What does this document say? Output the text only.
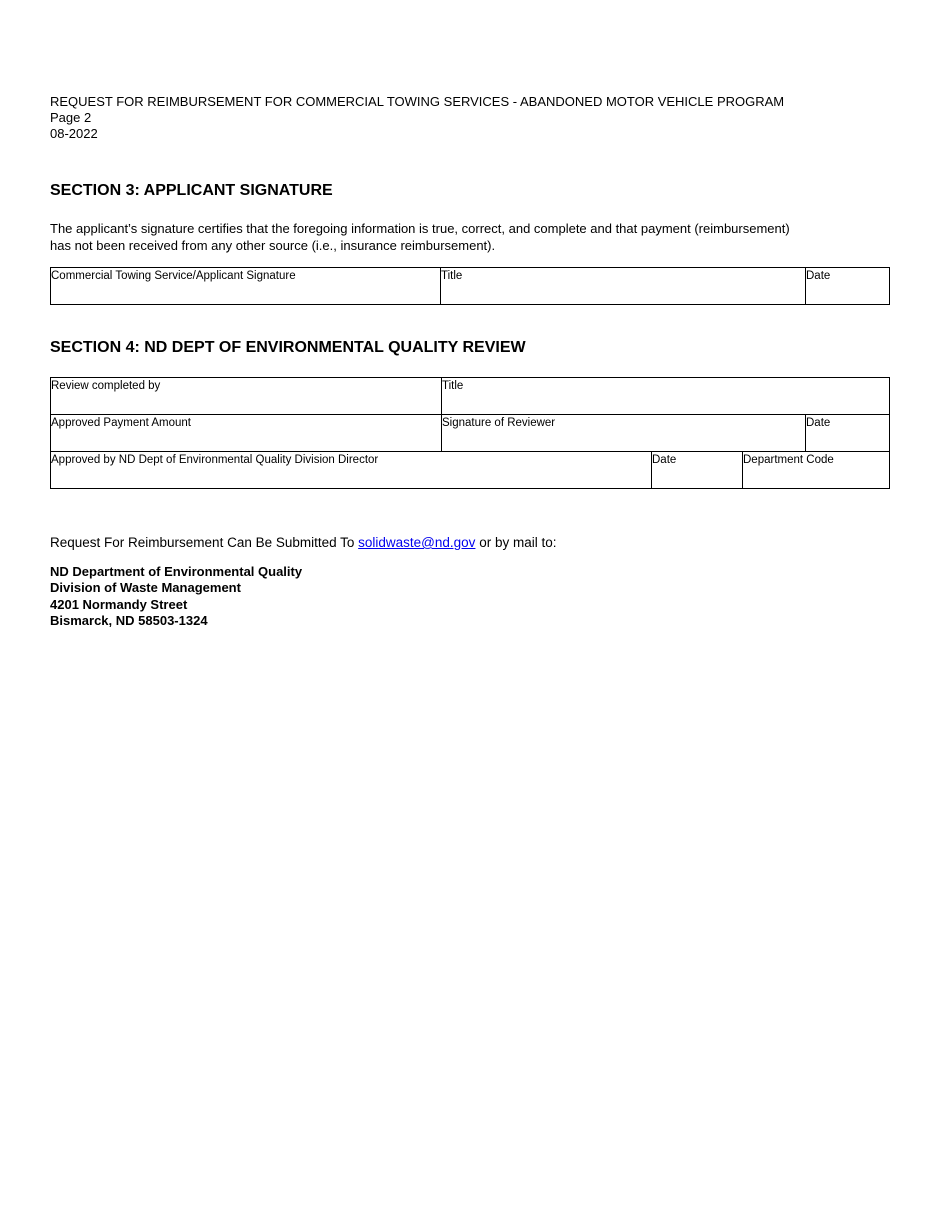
REQUEST FOR REIMBURSEMENT FOR COMMERCIAL TOWING SERVICES - ABANDONED MOTOR VEHICLE PROGRAM
Page 2
08-2022
SECTION 3: APPLICANT SIGNATURE
The applicant’s signature certifies that the foregoing information is true, correct, and complete and that payment (reimbursement)
has not been received from any other source (i.e., insurance reimbursement).
Commercial Towing Service/Applicant Signature	Title	Date
SECTION 4: ND DEPT OF ENVIRONMENTAL QUALITY REVIEW
Review completed by	Title			

Approved Payment Amount	Signature of Reviewer			Date

Approved by ND Dept of Environmental Quality Division Director		Date	Department Code	
Request For Reimbursement Can Be Submitted To solidwaste@nd.gov or by mail to:
ND Department of Environmental Quality
Division of Waste Management
4201 Normandy Street
Bismarck, ND 58503-1324
